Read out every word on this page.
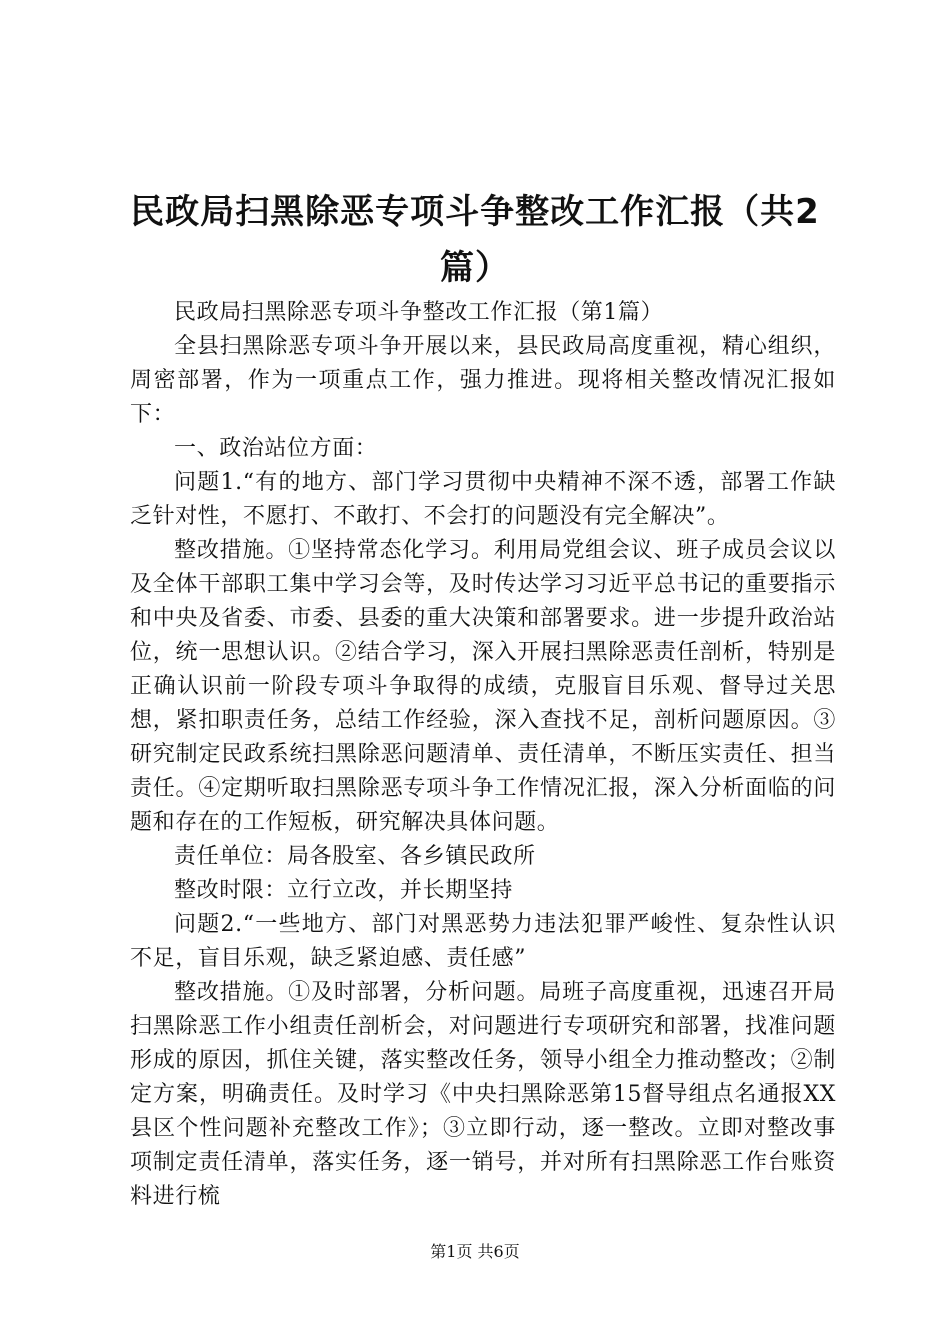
民政局扫黑除恶专项斗争整改工作汇报（共2篇）

民政局扫黑除恶专项斗争整改工作汇报（第1篇）

全县扫黑除恶专项斗争开展以来，县民政局高度重视，精心组织，周密部署，作为一项重点工作，强力推进。现将相关整改情况汇报如下：

一、政治站位方面：

问题1.“有的地方、部门学习贯彻中央精神不深不透，部署工作缺乏针对性，不愿打、不敢打、不会打的问题没有完全解决”。

整改措施。①坚持常态化学习。利用局党组会议、班子成员会议以及全体干部职工集中学习会等，及时传达学习习近平总书记的重要指示和中央及省委、市委、县委的重大决策和部署要求。进一步提升政治站位，统一思想认识。②结合学习，深入开展扫黑除恶责任剖析，特别是正确认识前一阶段专项斗争取得的成绩，克服盲目乐观、督导过关思想，紧扣职责任务，总结工作经验，深入查找不足，剖析问题原因。③研究制定民政系统扫黑除恶问题清单、责任清单，不断压实责任、担当责任。④定期听取扫黑除恶专项斗争工作情况汇报，深入分析面临的问题和存在的工作短板，研究解决具体问题。

责任单位：局各股室、各乡镇民政所

整改时限：立行立改，并长期坚持

问题2.“一些地方、部门对黑恶势力违法犯罪严峻性、复杂性认识不足，盲目乐观，缺乏紧迫感、责任感”

整改措施。①及时部署，分析问题。局班子高度重视，迅速召开局扫黑除恶工作小组责任剖析会，对问题进行专项研究和部署，找准问题形成的原因，抓住关键，落实整改任务，领导小组全力推动整改；②制定方案，明确责任。及时学习《中央扫黑除恶第15督导组点名通报XX县区个性问题补充整改工作》；③立即行动，逐一整改。立即对整改事项制定责任清单，落实任务，逐一销号，并对所有扫黑除恶工作台账资料进行梳

第1页 共6页
